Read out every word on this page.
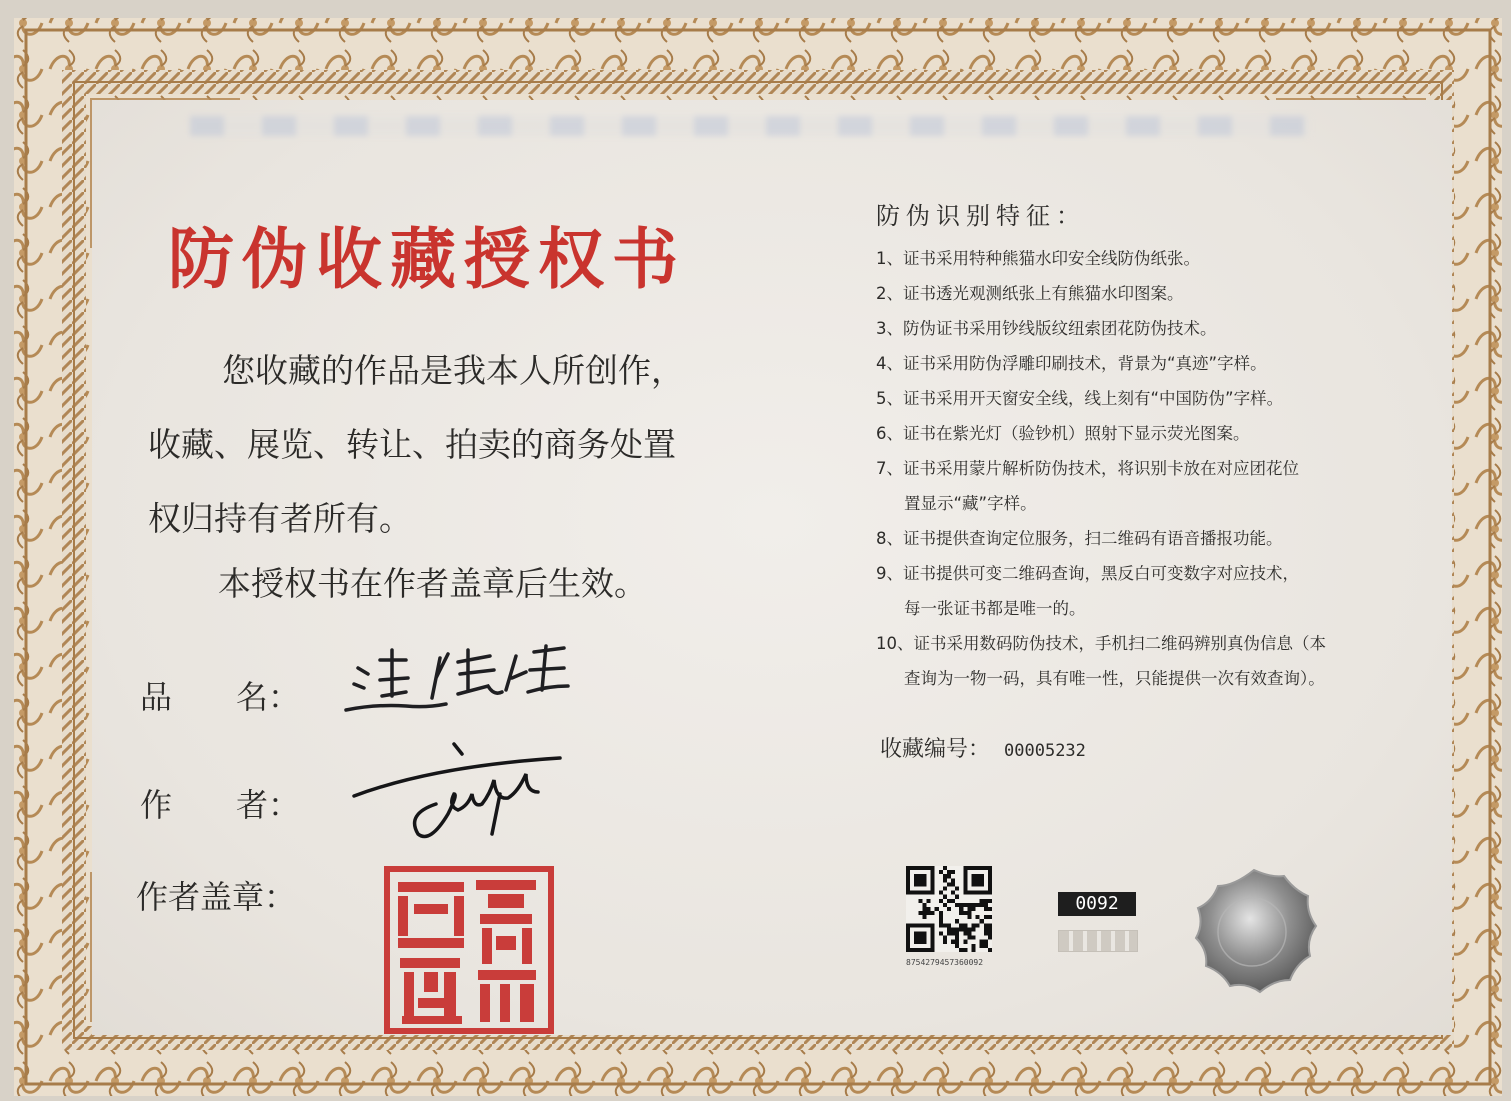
防伪收藏授权书

您收藏的作品是我本人所创作，

收藏、展览、转让、拍卖的商务处置

权归持有者所有。

本授权书在作者盖章后生效。
品　　名：
作　　者：
作者盖章：
防伪识别特征：
1、证书采用特种熊猫水印安全线防伪纸张。
2、证书透光观测纸张上有熊猫水印图案。
3、防伪证书采用钞线版纹纽索团花防伪技术。
4、证书采用防伪浮雕印刷技术，背景为“真迹”字样。
5、证书采用开天窗安全线，线上刻有“中国防伪”字样。
6、证书在紫光灯（验钞机）照射下显示荧光图案。
7、证书采用蒙片解析防伪技术，将识别卡放在对应团花位
置显示“藏”字样。
8、证书提供查询定位服务，扫二维码有语音播报功能。
9、证书提供可变二维码查询，黑反白可变数字对应技术，
每一张证书都是唯一的。
10、证书采用数码防伪技术，手机扫二维码辨别真伪信息（本
查询为一物一码，具有唯一性，只能提供一次有效查询）。
收藏编号： 00005232
8754279457360092
0092
